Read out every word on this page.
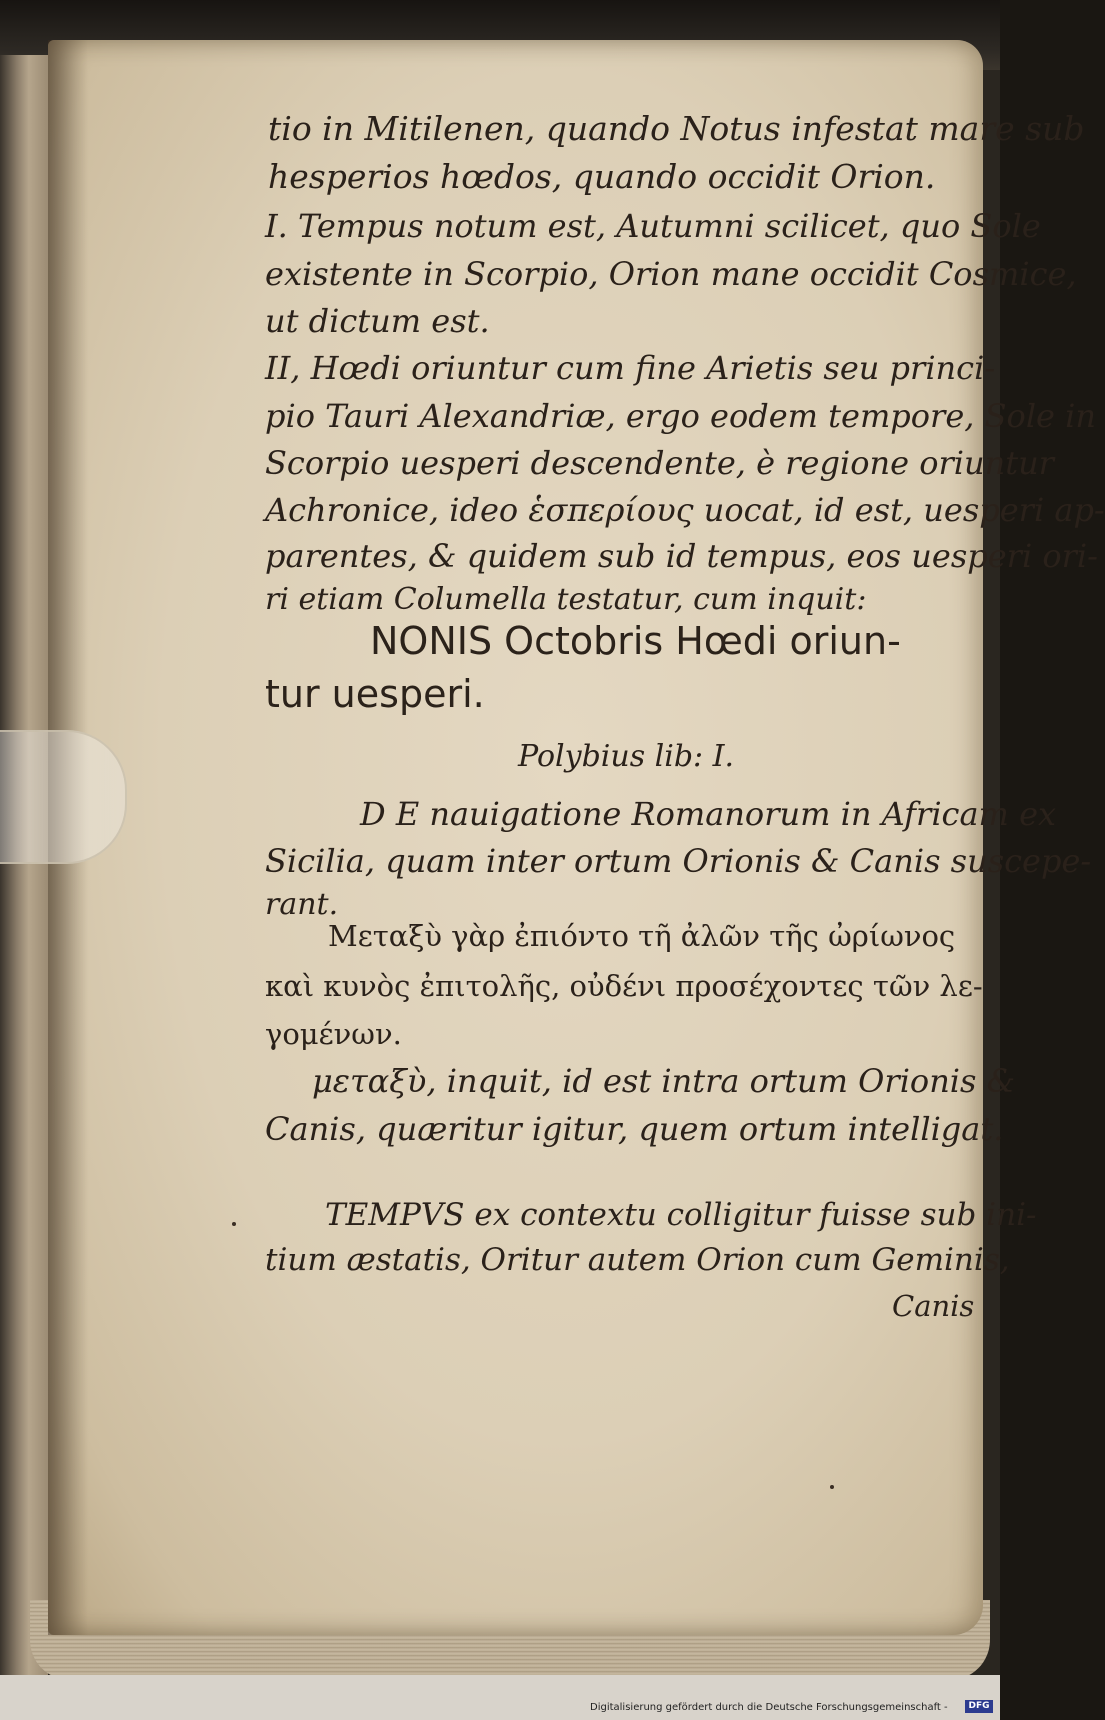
tio in Mitilenen, quando Notus infestat mare sub
hesperios hœdos, quando occidit Orion.
I. Tempus notum est, Autumni scilicet, quo Sole
existente in Scorpio, Orion mane occidit Cosmice,
ut dictum est.
II, Hœdi oriuntur cum fine Arietis seu princi-
pio Tauri Alexandriæ, ergo eodem tempore, Sole in
Scorpio uesperi descendente, è regione oriuntur
Achronice, ideo ἑσπερίους uocat, id est, uesperi ap-
parentes, & quidem sub id tempus, eos uesperi ori-
ri etiam Columella testatur, cum inquit:
NONIS Octobris Hœdi oriun-
tur uesperi.
Polybius lib: I.
D E nauigatione Romanorum in Africam ex
Sicilia, quam inter ortum Orionis & Canis suscepe-
rant.
Μεταξὺ γὰρ ἐπιόντο τῆ ἀλῶν τῆς ὠρίωνος
καὶ κυνὸς ἐπιτολῆς, οὐδένι προσέχοντες τῶν λε-
γομένων.
μεταξὺ, inquit, id est intra ortum Orionis &
Canis, quæritur igitur, quem ortum intelligat.
TEMPVS ex contextu colligitur fuisse sub ini-
tium æstatis, Oritur autem Orion cum Geminis,
Canis
Digitalisierung gefördert durch die Deutsche Forschungsgemeinschaft -	DFG
